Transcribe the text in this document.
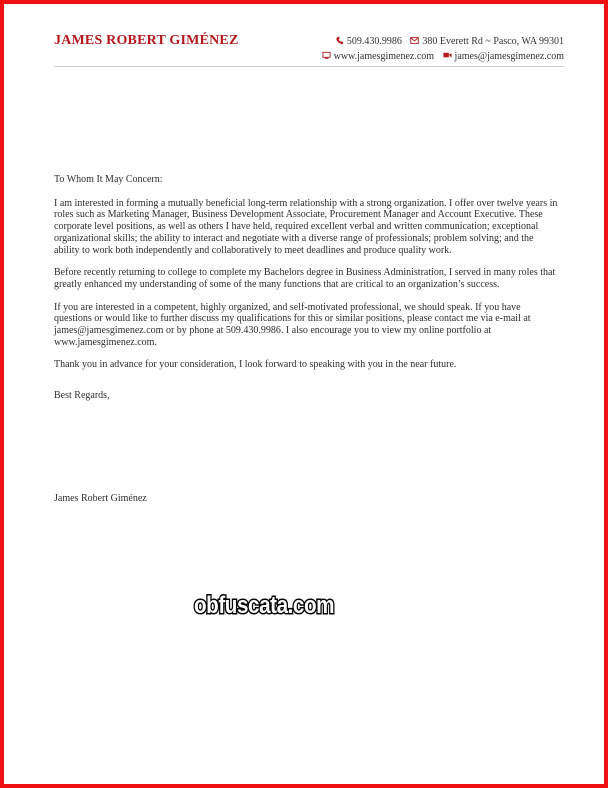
JAMES ROBERT GIMÉNEZ	509.430.9986 380 Everett Rd ~ Pasco, WA 99301
www.jamesgimenez.com james@jamesgimenez.com

To Whom It May Concern:

I am interested in forming a mutually beneficial long-term relationship with a strong organization. I offer over twelve years in roles such as Marketing Manager, Business Development Associate, Procurement Manager and Account Executive. These corporate level positions, as well as others I have held, required excellent verbal and written communication; exceptional organizational skills; the ability to interact and negotiate with a diverse range of professionals; problem solving; and the ability to work both independently and collaboratively to meet deadlines and produce quality work.

Before recently returning to college to complete my Bachelors degree in Business Administration, I served in many roles that greatly enhanced my understanding of some of the many functions that are critical to an organization’s success.

If you are interested in a competent, highly organized, and self-motivated professional, we should speak. If you have questions or would like to further discuss my qualifications for this or similar positions, please contact me via e-mail at james@jamesgimenez.com or by phone at 509.430.9986. I also encourage you to view my online portfolio at www.jamesgimenez.com.

Thank you in advance for your consideration, I look forward to speaking with you in the near future.

Best Regards,

James Robert Giménez
obfuscata.com
